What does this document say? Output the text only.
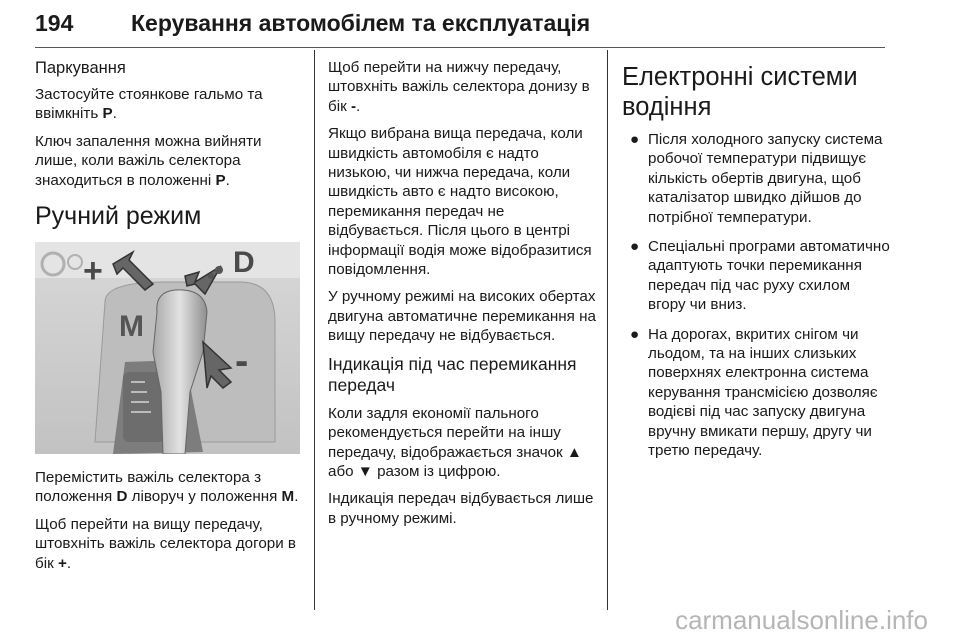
194	Керування автомобілем та експлуатація
Паркування

Застосуйте стоянкове гальмо та ввімкніть P.

Ключ запалення можна вийняти лише, коли важіль селектора знаходиться в положенні P.

Ручний режим
M
+	D
-

Перемістить важіль селектора з положення D ліворуч у положення M.

Щоб перейти на вищу передачу, штовхніть важіль селектора догори в бік +.

Щоб перейти на нижчу передачу, штовхніть важіль селектора донизу в бік -.

Якщо вибрана вища передача, коли швидкість автомобіля є надто низькою, чи нижча передача, коли швидкість авто є надто високою, перемикання передач не відбувається. Після цього в центрі інформації водія може відобразитися повідомлення.

У ручному режимі на високих обертах двигуна автоматичне перемикання на вищу передачу не відбувається.

Індикація під час перемикання передач

Коли задля економії пального рекомендується перейти на іншу передачу, відображається значок ▲ або ▼ разом із цифрою.

Індикація передач відбувається лише в ручному режимі.

Електронні системи водіння
● Після холодного запуску система робочої температури підвищує кількість обертів двигуна, щоб каталізатор швидко дійшов до потрібної температури.
● Спеціальні програми автоматично адаптують точки перемикання передач під час руху схилом вгору чи вниз.
● На дорогах, вкритих снігом чи льодом, та на інших слизьких поверхнях електронна система керування трансмісією дозволяє водієві під час запуску двигуна вручну вмикати першу, другу чи третю передачу.
carmanualsonline.info
